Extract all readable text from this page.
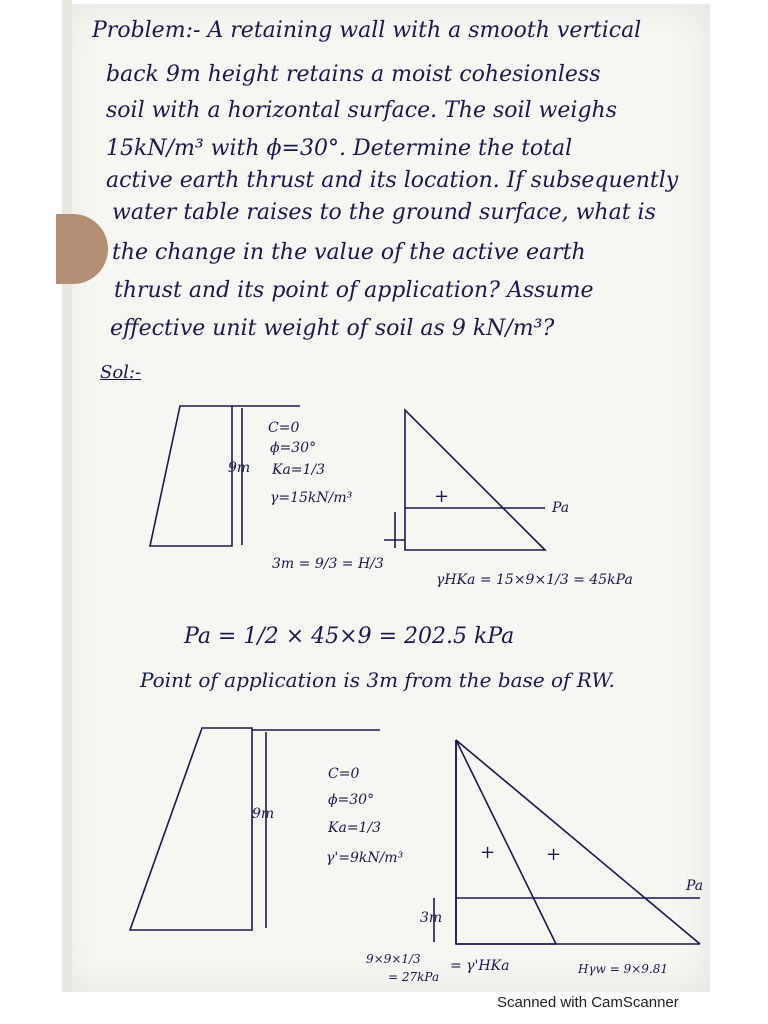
Problem:- A retaining wall with a smooth vertical
back 9m height retains a moist cohesionless
soil with a horizontal surface. The soil weighs
15kN/m³ with ϕ=30°. Determine the total
active earth thrust and its location. If subsequently
water table raises to the ground surface, what is
the change in the value of the active earth
thrust and its point of application? Assume
effective unit weight of soil as 9 kN/m³?
Sol:-
9m
C=0
ϕ=30°
Ka=1/3
γ=15kN/m³	+
Pa
3m = 9/3 = H/3
γHKa = 15×9×1/3 = 45kPa
Pa = 1/2 × 45×9 = 202.5 kPa
Point of application is 3m from the base of RW.
9m
C=0
ϕ=30°
Ka=1/3
γ'=9kN/m³	+	+
Pa
3m
9×9×1/3
= 27kPa
= γ'HKa	Hγw = 9×9.81
Scanned with CamScanner
